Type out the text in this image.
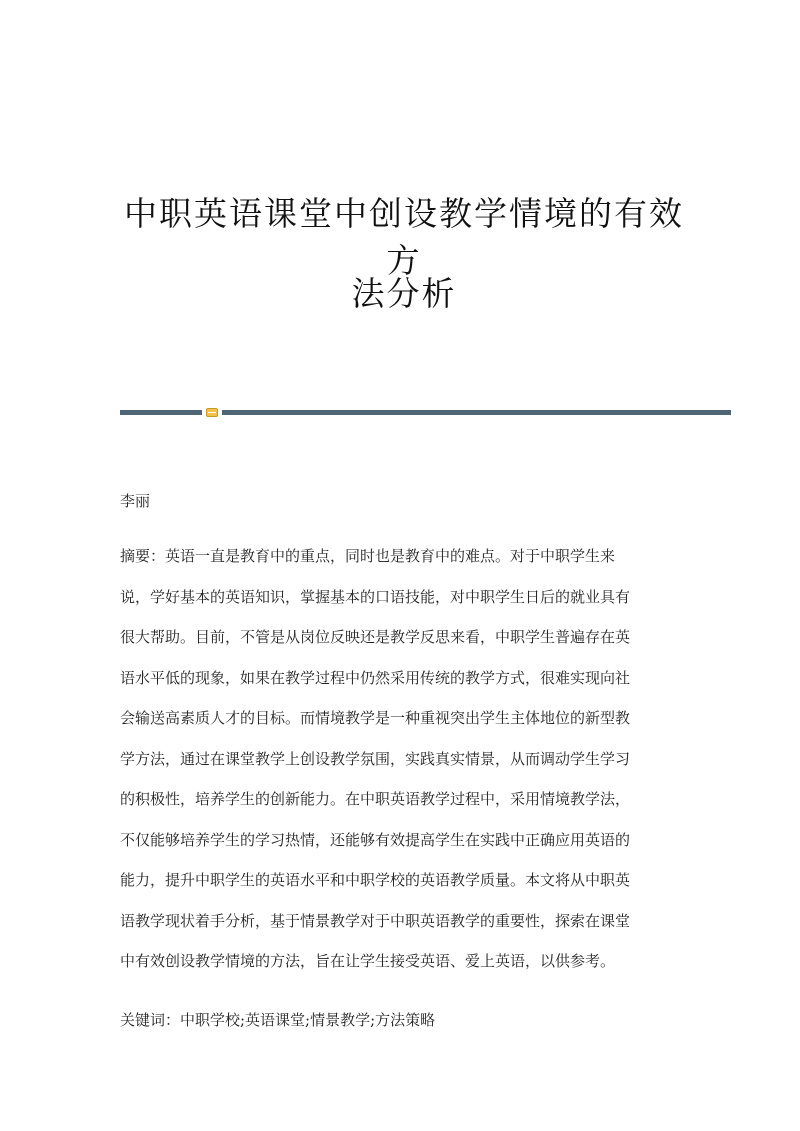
中职英语课堂中创设教学情境的有效方
法分析
李丽

摘要：英语一直是教育中的重点，同时也是教育中的难点。对于中职学生来

说，学好基本的英语知识，掌握基本的口语技能，对中职学生日后的就业具有

很大帮助。目前，不管是从岗位反映还是教学反思来看，中职学生普遍存在英

语水平低的现象，如果在教学过程中仍然采用传统的教学方式，很难实现向社

会输送高素质人才的目标。而情境教学是一种重视突出学生主体地位的新型教

学方法，通过在课堂教学上创设教学氛围，实践真实情景，从而调动学生学习

的积极性，培养学生的创新能力。在中职英语教学过程中，采用情境教学法，

不仅能够培养学生的学习热情，还能够有效提高学生在实践中正确应用英语的

能力，提升中职学生的英语水平和中职学校的英语教学质量。本文将从中职英

语教学现状着手分析，基于情景教学对于中职英语教学的重要性，探索在课堂

中有效创设教学情境的方法，旨在让学生接受英语、爱上英语，以供参考。

关键词：中职学校;英语课堂;情景教学;方法策略
